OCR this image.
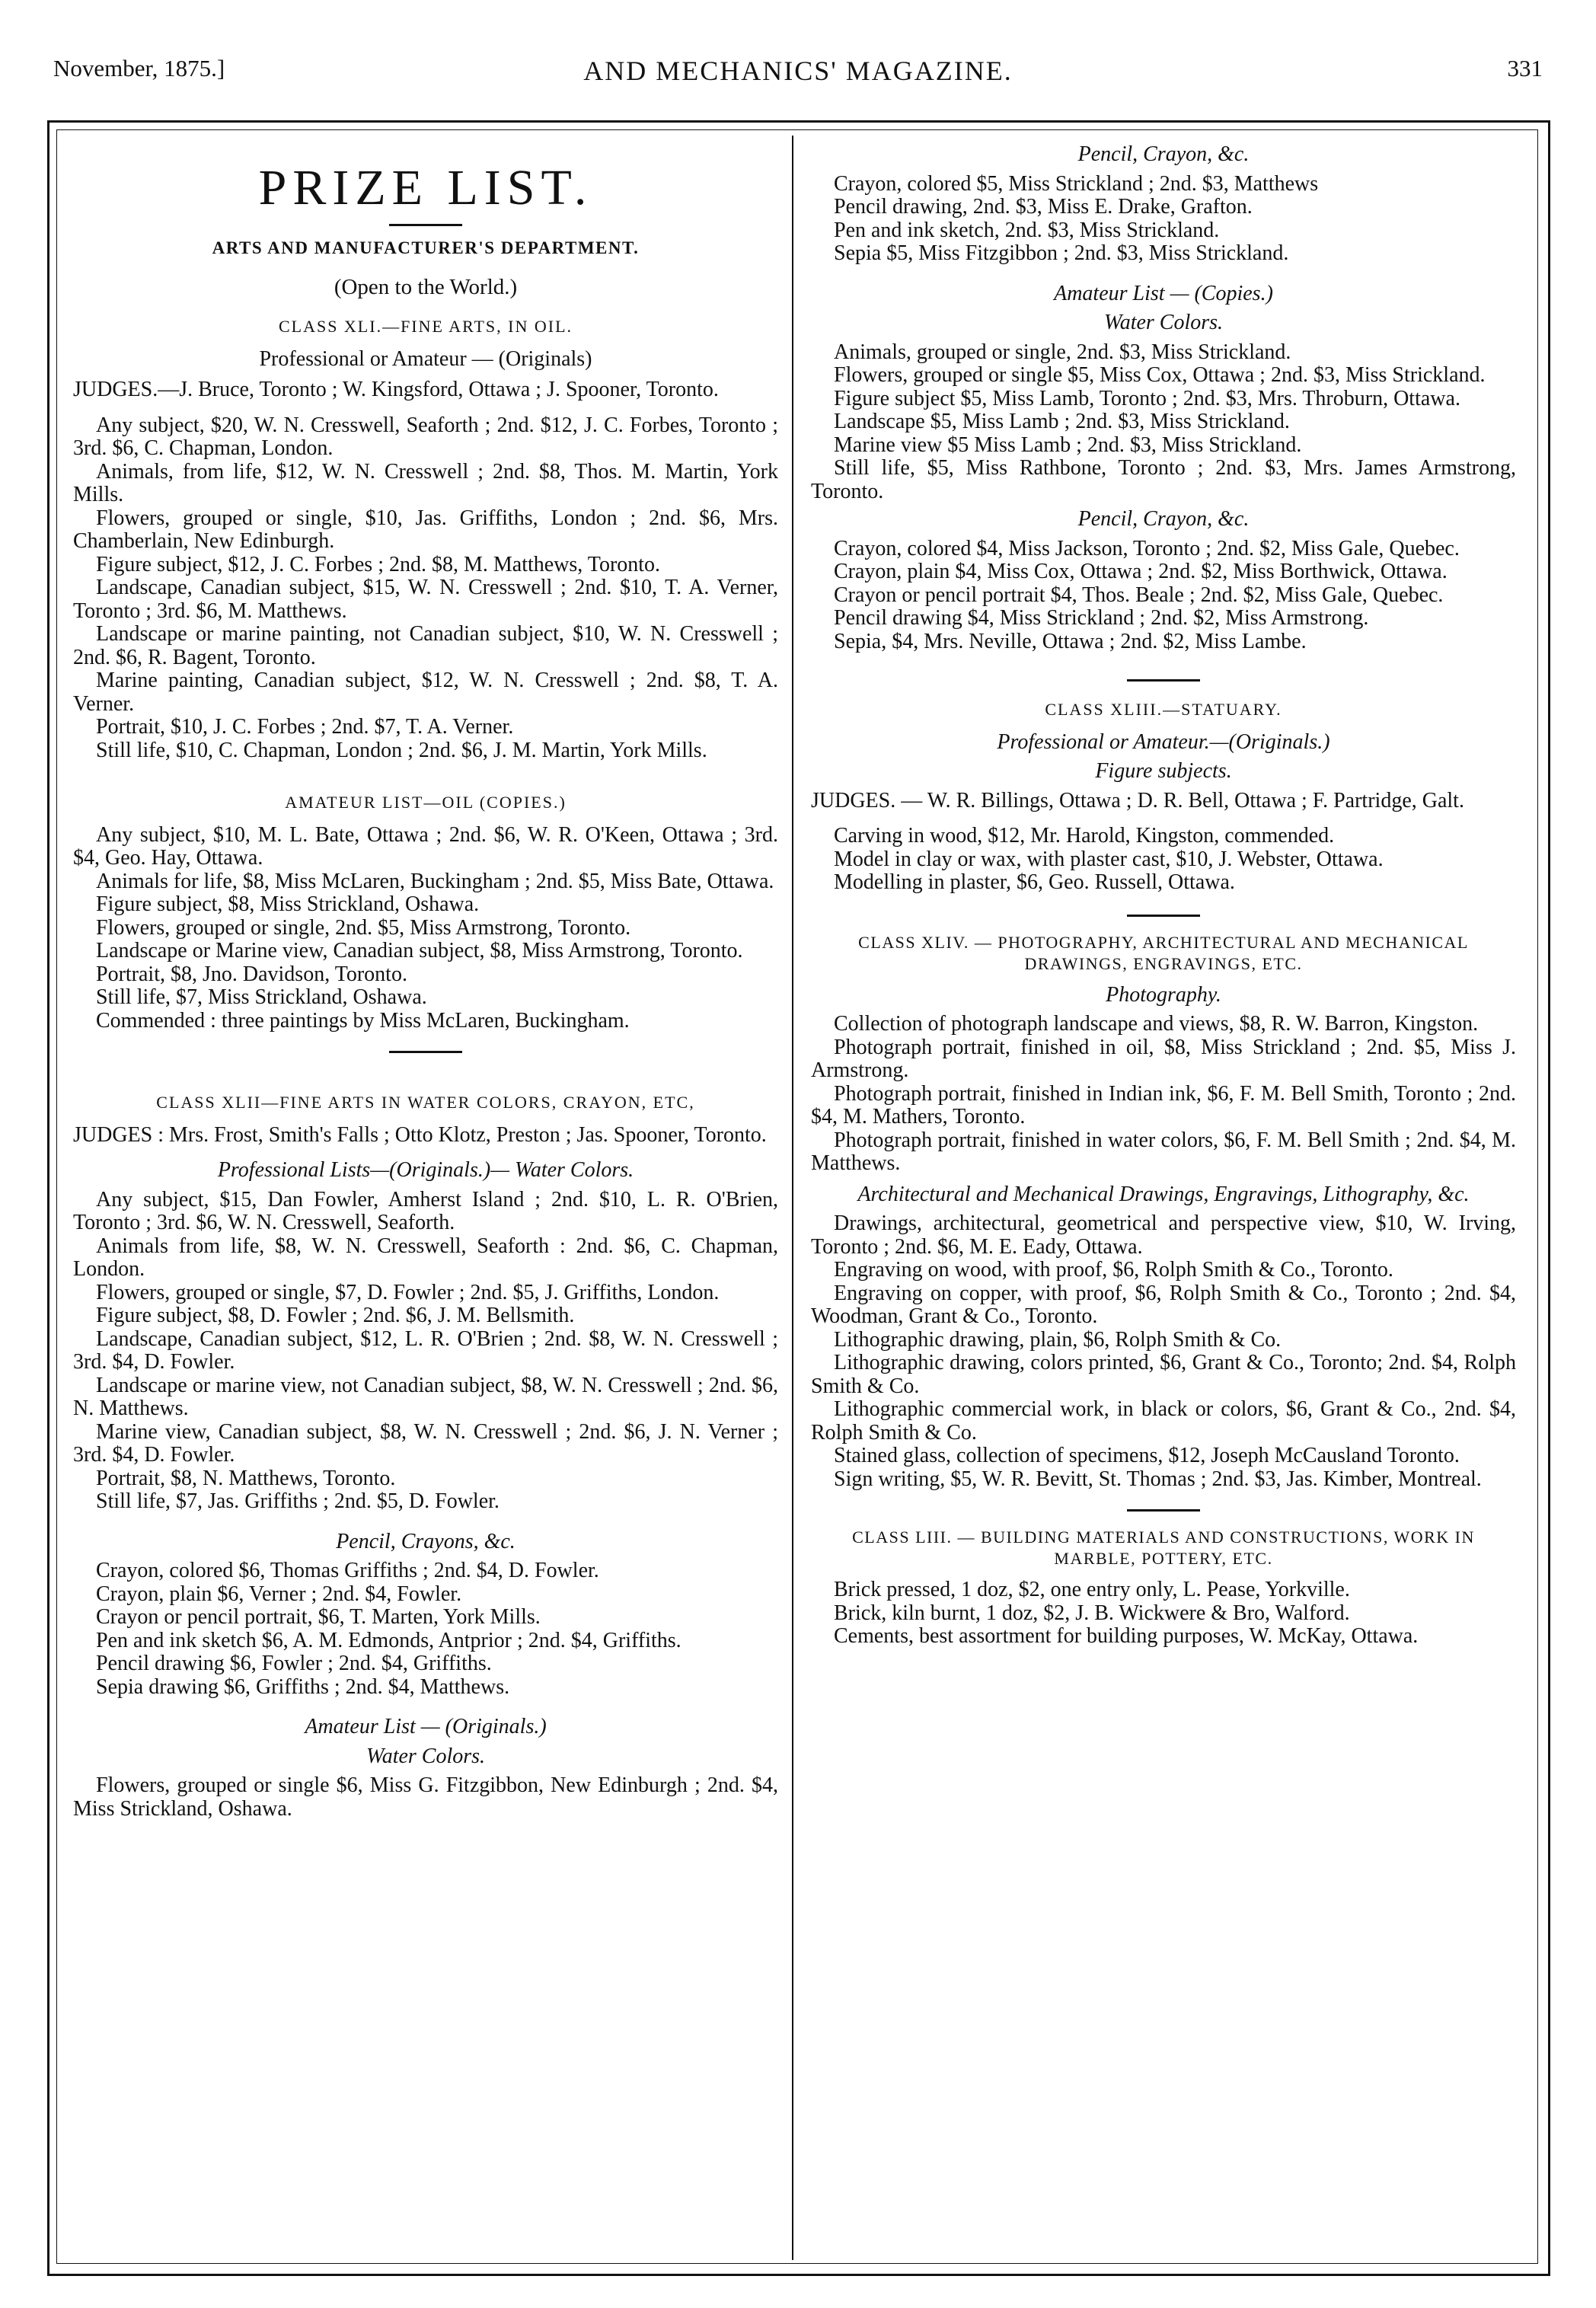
November, 1875.]	AND MECHANICS' MAGAZINE.	331
PRIZE LIST.
ARTS AND MANUFACTURER'S DEPARTMENT.
(Open to the World.)
CLASS XLI.—FINE ARTS, IN OIL.
Professional or Amateur — (Originals)
JUDGES.—J. Bruce, Toronto ; W. Kingsford, Ottawa ; J. Spooner, Toronto.

Any subject, $20, W. N. Cresswell, Seaforth ; 2nd. $12, J. C. Forbes, Toronto ; 3rd. $6, C. Chapman, London.

Animals, from life, $12, W. N. Cresswell ; 2nd. $8, Thos. M. Martin, York Mills.

Flowers, grouped or single, $10, Jas. Griffiths, London ; 2nd. $6, Mrs. Chamberlain, New Edinburgh.

Figure subject, $12, J. C. Forbes ; 2nd. $8, M. Matthews, Toronto.

Landscape, Canadian subject, $15, W. N. Cresswell ; 2nd. $10, T. A. Verner, Toronto ; 3rd. $6, M. Matthews.

Landscape or marine painting, not Canadian subject, $10, W. N. Cresswell ; 2nd. $6, R. Bagent, Toronto.

Marine painting, Canadian subject, $12, W. N. Cresswell ; 2nd. $8, T. A. Verner.

Portrait, $10, J. C. Forbes ; 2nd. $7, T. A. Verner.

Still life, $10, C. Chapman, London ; 2nd. $6, J. M. Martin, York Mills.

AMATEUR LIST—OIL (COPIES.)

Any subject, $10, M. L. Bate, Ottawa ; 2nd. $6, W. R. O'Keen, Ottawa ; 3rd. $4, Geo. Hay, Ottawa.

Animals for life, $8, Miss McLaren, Buckingham ; 2nd. $5, Miss Bate, Ottawa.

Figure subject, $8, Miss Strickland, Oshawa.

Flowers, grouped or single, 2nd. $5, Miss Armstrong, Toronto.

Landscape or Marine view, Canadian subject, $8, Miss Armstrong, Toronto.

Portrait, $8, Jno. Davidson, Toronto.

Still life, $7, Miss Strickland, Oshawa.

Commended : three paintings by Miss McLaren, Buckingham.

CLASS XLII—FINE ARTS IN WATER COLORS, CRAYON, ETC,
JUDGES : Mrs. Frost, Smith's Falls ; Otto Klotz, Preston ; Jas. Spooner, Toronto.
Professional Lists—(Originals.)— Water Colors.

Any subject, $15, Dan Fowler, Amherst Island ; 2nd. $10, L. R. O'Brien, Toronto ; 3rd. $6, W. N. Cresswell, Seaforth.

Animals from life, $8, W. N. Cresswell, Seaforth : 2nd. $6, C. Chapman, London.

Flowers, grouped or single, $7, D. Fowler ; 2nd. $5, J. Griffiths, London.

Figure subject, $8, D. Fowler ; 2nd. $6, J. M. Bellsmith.

Landscape, Canadian subject, $12, L. R. O'Brien ; 2nd. $8, W. N. Cresswell ; 3rd. $4, D. Fowler.

Landscape or marine view, not Canadian subject, $8, W. N. Cresswell ; 2nd. $6, N. Matthews.

Marine view, Canadian subject, $8, W. N. Cresswell ; 2nd. $6, J. N. Verner ; 3rd. $4, D. Fowler.

Portrait, $8, N. Matthews, Toronto.

Still life, $7, Jas. Griffiths ; 2nd. $5, D. Fowler.

Pencil, Crayons, &c.

Crayon, colored $6, Thomas Griffiths ; 2nd. $4, D. Fowler.

Crayon, plain $6, Verner ; 2nd. $4, Fowler.

Crayon or pencil portrait, $6, T. Marten, York Mills.

Pen and ink sketch $6, A. M. Edmonds, Antprior ; 2nd. $4, Griffiths.

Pencil drawing $6, Fowler ; 2nd. $4, Griffiths.

Sepia drawing $6, Griffiths ; 2nd. $4, Matthews.

Amateur List — (Originals.)
Water Colors.

Flowers, grouped or single $6, Miss G. Fitzgibbon, New Edinburgh ; 2nd. $4, Miss Strickland, Oshawa.

Pencil, Crayon, &c.

Crayon, colored $5, Miss Strickland ; 2nd. $3, Matthews

Pencil drawing, 2nd. $3, Miss E. Drake, Grafton.

Pen and ink sketch, 2nd. $3, Miss Strickland.

Sepia $5, Miss Fitzgibbon ; 2nd. $3, Miss Strickland.

Amateur List — (Copies.)
Water Colors.

Animals, grouped or single, 2nd. $3, Miss Strickland.

Flowers, grouped or single $5, Miss Cox, Ottawa ; 2nd. $3, Miss Strickland.

Figure subject $5, Miss Lamb, Toronto ; 2nd. $3, Mrs. Throburn, Ottawa.

Landscape $5, Miss Lamb ; 2nd. $3, Miss Strickland.

Marine view $5 Miss Lamb ; 2nd. $3, Miss Strickland.

Still life, $5, Miss Rathbone, Toronto ; 2nd. $3, Mrs. James Armstrong, Toronto.

Pencil, Crayon, &c.

Crayon, colored $4, Miss Jackson, Toronto ; 2nd. $2, Miss Gale, Quebec.

Crayon, plain $4, Miss Cox, Ottawa ; 2nd. $2, Miss Borthwick, Ottawa.

Crayon or pencil portrait $4, Thos. Beale ; 2nd. $2, Miss Gale, Quebec.

Pencil drawing $4, Miss Strickland ; 2nd. $2, Miss Armstrong.

Sepia, $4, Mrs. Neville, Ottawa ; 2nd. $2, Miss Lambe.

CLASS XLIII.—STATUARY.
Professional or Amateur.—(Originals.)
Figure subjects.
JUDGES. — W. R. Billings, Ottawa ; D. R. Bell, Ottawa ; F. Partridge, Galt.

Carving in wood, $12, Mr. Harold, Kingston, commended.

Model in clay or wax, with plaster cast, $10, J. Webster, Ottawa.

Modelling in plaster, $6, Geo. Russell, Ottawa.

CLASS XLIV. — PHOTOGRAPHY, ARCHITECTURAL AND MECHANICAL DRAWINGS, ENGRAVINGS, ETC.
Photography.

Collection of photograph landscape and views, $8, R. W. Barron, Kingston.

Photograph portrait, finished in oil, $8, Miss Strickland ; 2nd. $5, Miss J. Armstrong.

Photograph portrait, finished in Indian ink, $6, F. M. Bell Smith, Toronto ; 2nd. $4, M. Mathers, Toronto.

Photograph portrait, finished in water colors, $6, F. M. Bell Smith ; 2nd. $4, M. Matthews.

Architectural and Mechanical Drawings, Engravings, Lithography, &c.

Drawings, architectural, geometrical and perspective view, $10, W. Irving, Toronto ; 2nd. $6, M. E. Eady, Ottawa.

Engraving on wood, with proof, $6, Rolph Smith & Co., Toronto.

Engraving on copper, with proof, $6, Rolph Smith & Co., Toronto ; 2nd. $4, Woodman, Grant & Co., Toronto.

Lithographic drawing, plain, $6, Rolph Smith & Co.

Lithographic drawing, colors printed, $6, Grant & Co., Toronto; 2nd. $4, Rolph Smith & Co.

Lithographic commercial work, in black or colors, $6, Grant & Co., 2nd. $4, Rolph Smith & Co.

Stained glass, collection of specimens, $12, Joseph McCausland Toronto.

Sign writing, $5, W. R. Bevitt, St. Thomas ; 2nd. $3, Jas. Kimber, Montreal.

CLASS LIII. — BUILDING MATERIALS AND CONSTRUCTIONS, WORK IN MARBLE, POTTERY, ETC.

Brick pressed, 1 doz, $2, one entry only, L. Pease, Yorkville.

Brick, kiln burnt, 1 doz, $2, J. B. Wickwere & Bro, Walford.

Cements, best assortment for building purposes, W. McKay, Ottawa.
